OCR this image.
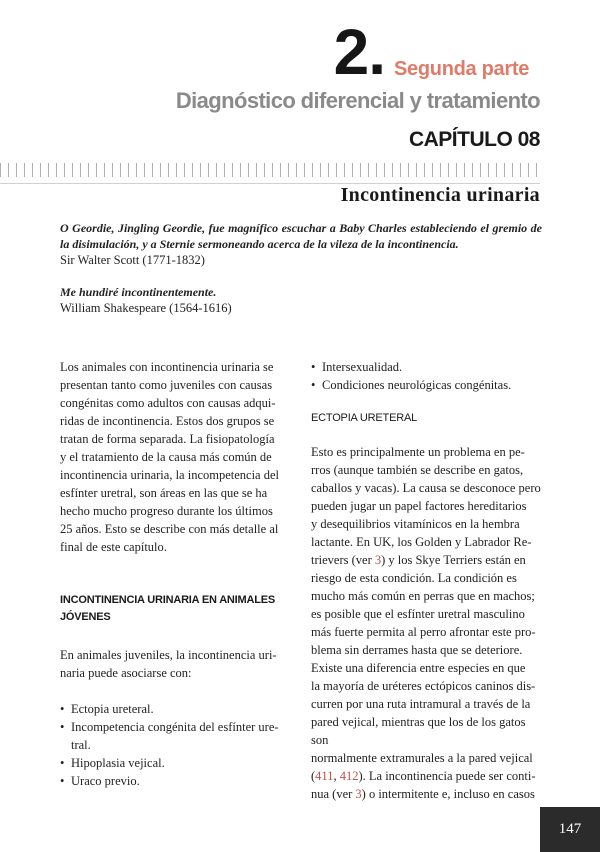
2. Segunda parte
Diagnóstico diferencial y tratamiento
CAPÍTULO 08
Incontinencia urinaria
O Geordie, Jingling Geordie, fue magnífico escuchar a Baby Charles estableciendo el gremio de
la disimulación, y a Sternie sermoneando acerca de la vileza de la incontinencia.
Sir Walter Scott (1771-1832)
Me hundiré incontinentemente.
William Shakespeare (1564-1616)
Los animales con incontinencia urinaria se
presentan tanto como juveniles con causas
congénitas como adultos con causas adqui-
ridas de incontinencia. Estos dos grupos se
tratan de forma separada. La fisiopatología
y el tratamiento de la causa más común de
incontinencia urinaria, la incompetencia del
esfínter uretral, son áreas en las que se ha
hecho mucho progreso durante los últimos
25 años. Esto se describe con más detalle al
final de este capítulo.
INCONTINENCIA URINARIA EN ANIMALES
JÓVENES
En animales juveniles, la incontinencia uri-
naria puede asociarse con:
• Ectopia ureteral.
• Incompetencia congénita del esfínter ure-
tral.
• Hipoplasia vejical.
• Uraco previo.
• Intersexualidad.
• Condiciones neurológicas congénitas.
ECTOPIA URETERAL
Esto es principalmente un problema en pe-
rros (aunque también se describe en gatos,
caballos y vacas). La causa se desconoce pero
pueden jugar un papel factores hereditarios
y desequilibrios vitamínicos en la hembra
lactante. En UK, los Golden y Labrador Re-
trievers (ver 3) y los Skye Terriers están en
riesgo de esta condición. La condición es
mucho más común en perras que en machos;
es posible que el esfínter uretral masculino
más fuerte permita al perro afrontar este pro-
blema sin derrames hasta que se deteriore.
Existe una diferencia entre especies en que
la mayoría de uréteres ectópicos caninos dis-
curren por una ruta intramural a través de la
pared vejical, mientras que los de los gatos son
normalmente extramurales a la pared vejical
(411, 412). La incontinencia puede ser conti-
nua (ver 3) o intermitente e, incluso en casos
147
